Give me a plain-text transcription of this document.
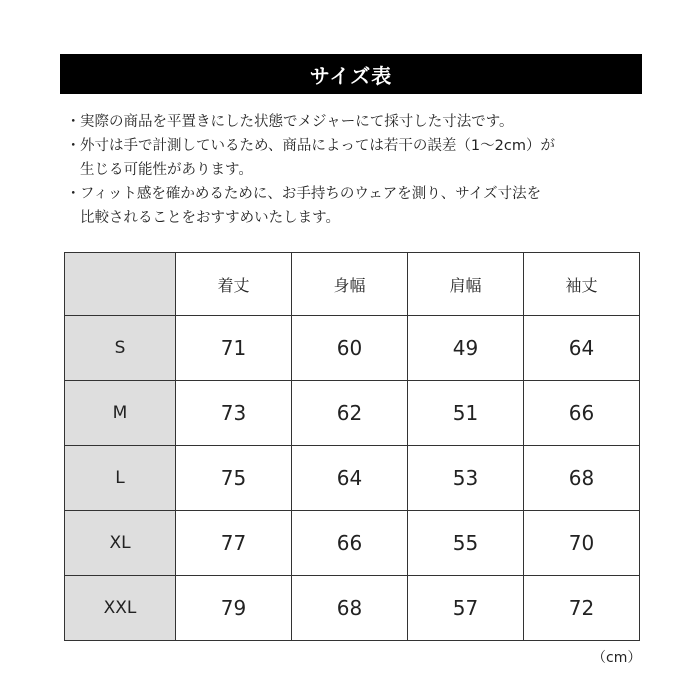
サイズ表
・ 実際の商品を平置きにした状態でメジャーにて採寸した寸法です。
・ 外寸は手で計測しているため、商品によっては若干の誤差（1～2cm）が
生じる可能性があります。
・ フィット感を確かめるために、お手持ちのウェアを測り、サイズ寸法を
比較されることをおすすめいたします。
	着丈	身幅	肩幅	袖丈
S	71	60	49	64
M	73	62	51	66
L	75	64	53	68
XL	77	66	55	70
XXL	79	68	57	72
（cm）
